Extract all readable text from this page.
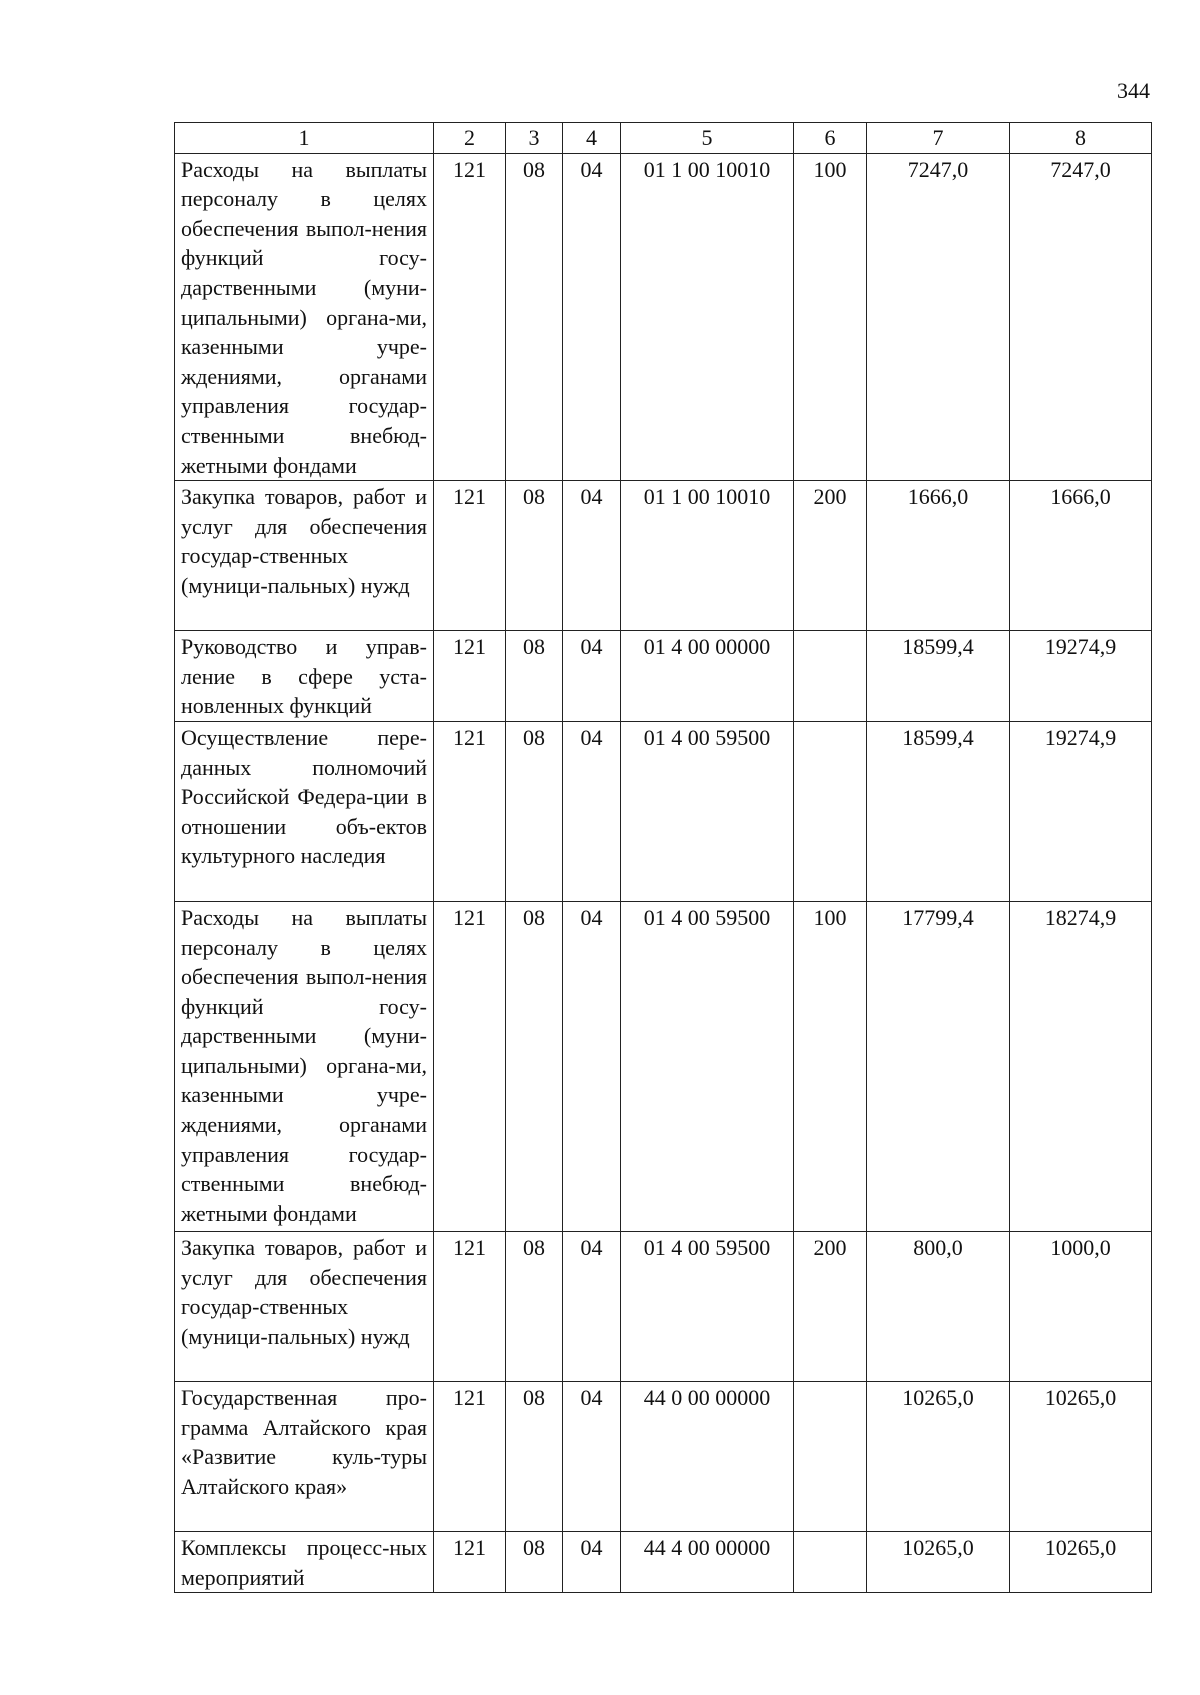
344
1	2	3	4	5	6	7	8
Расходы на выплаты персоналу в целях обеспечения выпол-нения функций госу-дарственными (муни-ципальными) органа-ми, казенными учре-ждениями, органами управления государ-ственными внебюд-жетными фондами	121	08	04	01 1 00 10010	100	7247,0	7247,0
Закупка товаров, работ и услуг для обеспечения государ-ственных (муници-пальных) нужд	121	08	04	01 1 00 10010	200	1666,0	1666,0
Руководство и управ-ление в сфере уста-новленных функций	121	08	04	01 4 00 00000		18599,4	19274,9
Осуществление пере-данных полномочий Российской Федера-ции в отношении объ-ектов культурного наследия	121	08	04	01 4 00 59500		18599,4	19274,9
Расходы на выплаты персоналу в целях обеспечения выпол-нения функций госу-дарственными (муни-ципальными) органа-ми, казенными учре-ждениями, органами управления государ-ственными внебюд-жетными фондами	121	08	04	01 4 00 59500	100	17799,4	18274,9
Закупка товаров, работ и услуг для обеспечения государ-ственных (муници-пальных) нужд	121	08	04	01 4 00 59500	200	800,0	1000,0
Государственная про-грамма Алтайского края «Развитие куль-туры Алтайского края»	121	08	04	44 0 00 00000		10265,0	10265,0
Комплексы процесс-ных мероприятий	121	08	04	44 4 00 00000		10265,0	10265,0
